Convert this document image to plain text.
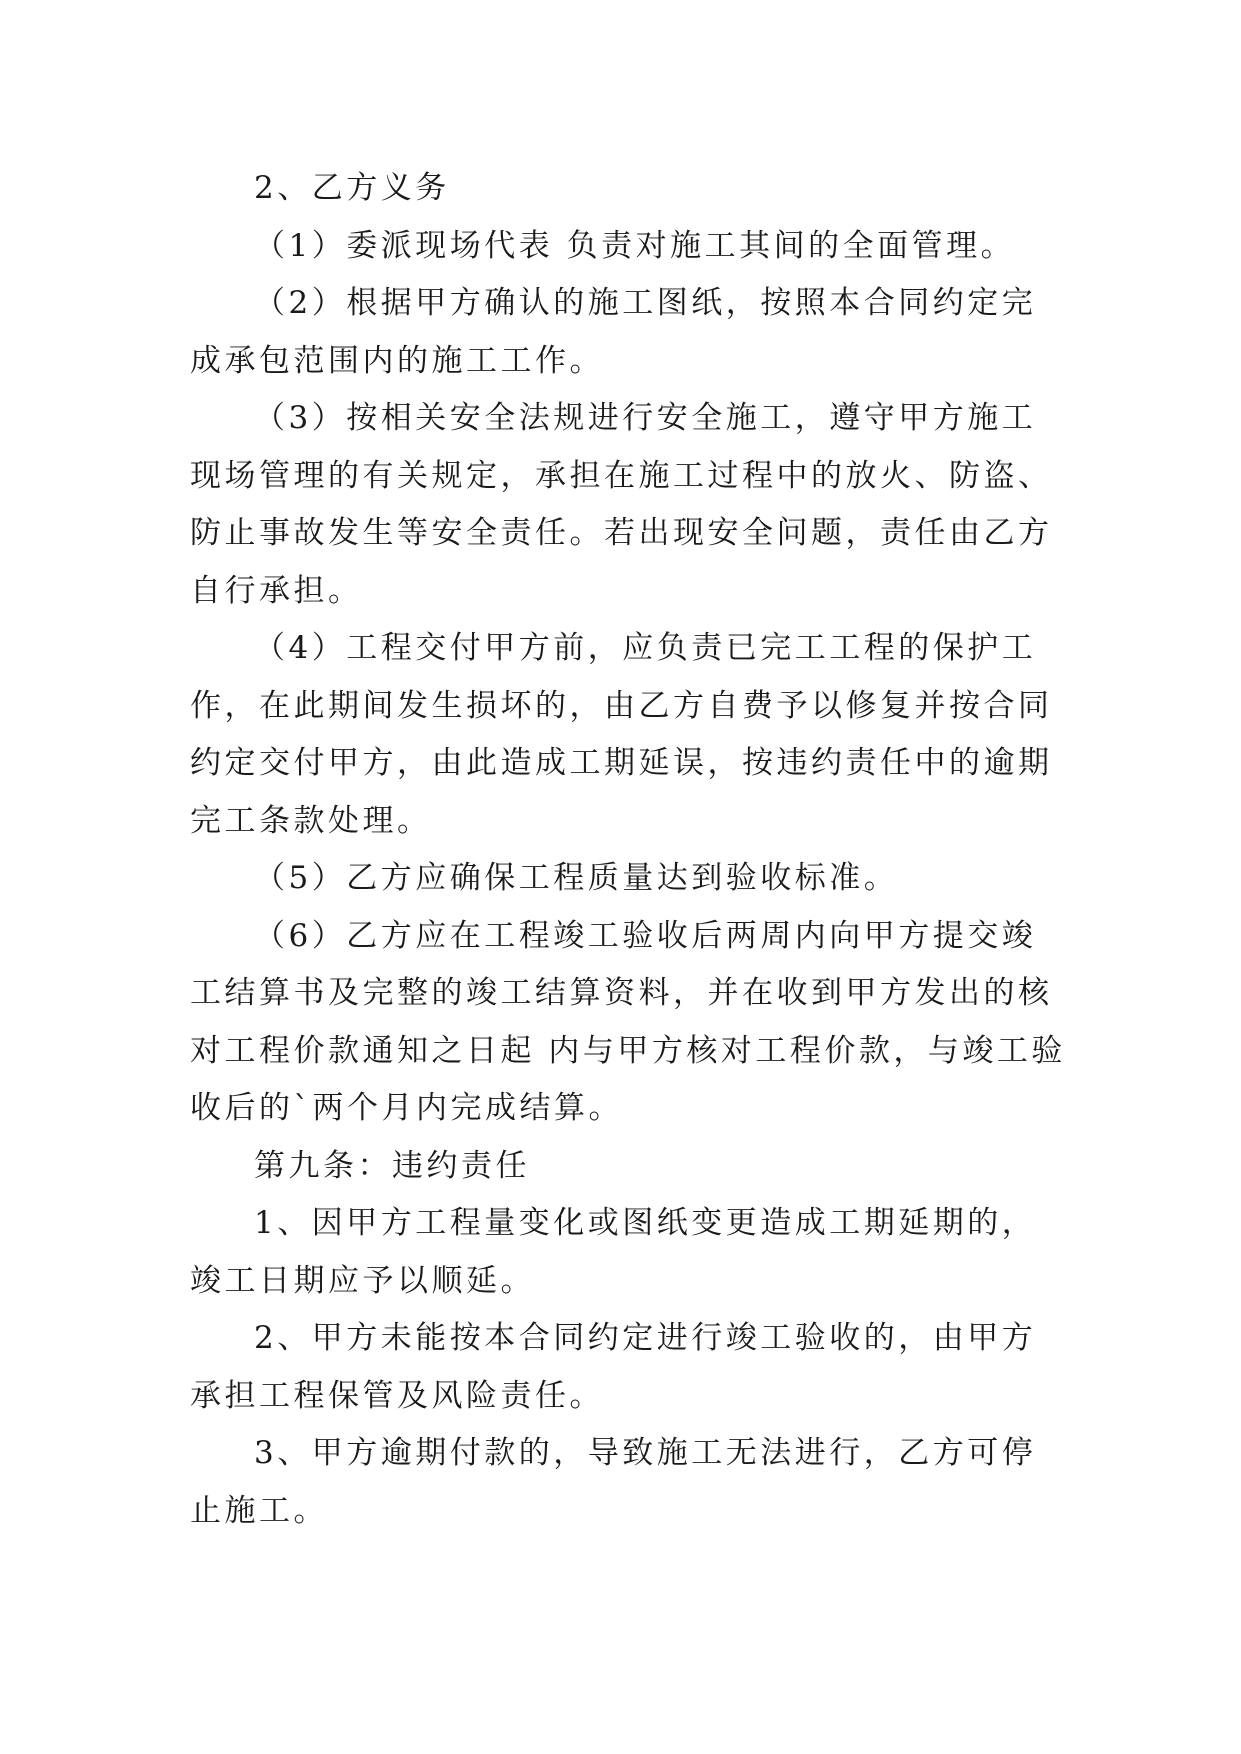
2、乙方义务

（1）委派现场代表 负责对施工其间的全面管理。

（2）根据甲方确认的施工图纸，按照本合同约定完成承包范围内的施工工作。

（3）按相关安全法规进行安全施工，遵守甲方施工现场管理的有关规定，承担在施工过程中的放火、防盗、防止事故发生等安全责任。若出现安全问题，责任由乙方自行承担。

（4）工程交付甲方前，应负责已完工工程的保护工作，在此期间发生损坏的，由乙方自费予以修复并按合同约定交付甲方，由此造成工期延误，按违约责任中的逾期完工条款处理。

（5）乙方应确保工程质量达到验收标准。

（6）乙方应在工程竣工验收后两周内向甲方提交竣工结算书及完整的竣工结算资料，并在收到甲方发出的核对工程价款通知之日起 内与甲方核对工程价款，与竣工验收后的`两个月内完成结算。

第九条：违约责任

1、因甲方工程量变化或图纸变更造成工期延期的，竣工日期应予以顺延。

2、甲方未能按本合同约定进行竣工验收的，由甲方承担工程保管及风险责任。

3、甲方逾期付款的，导致施工无法进行，乙方可停止施工。
